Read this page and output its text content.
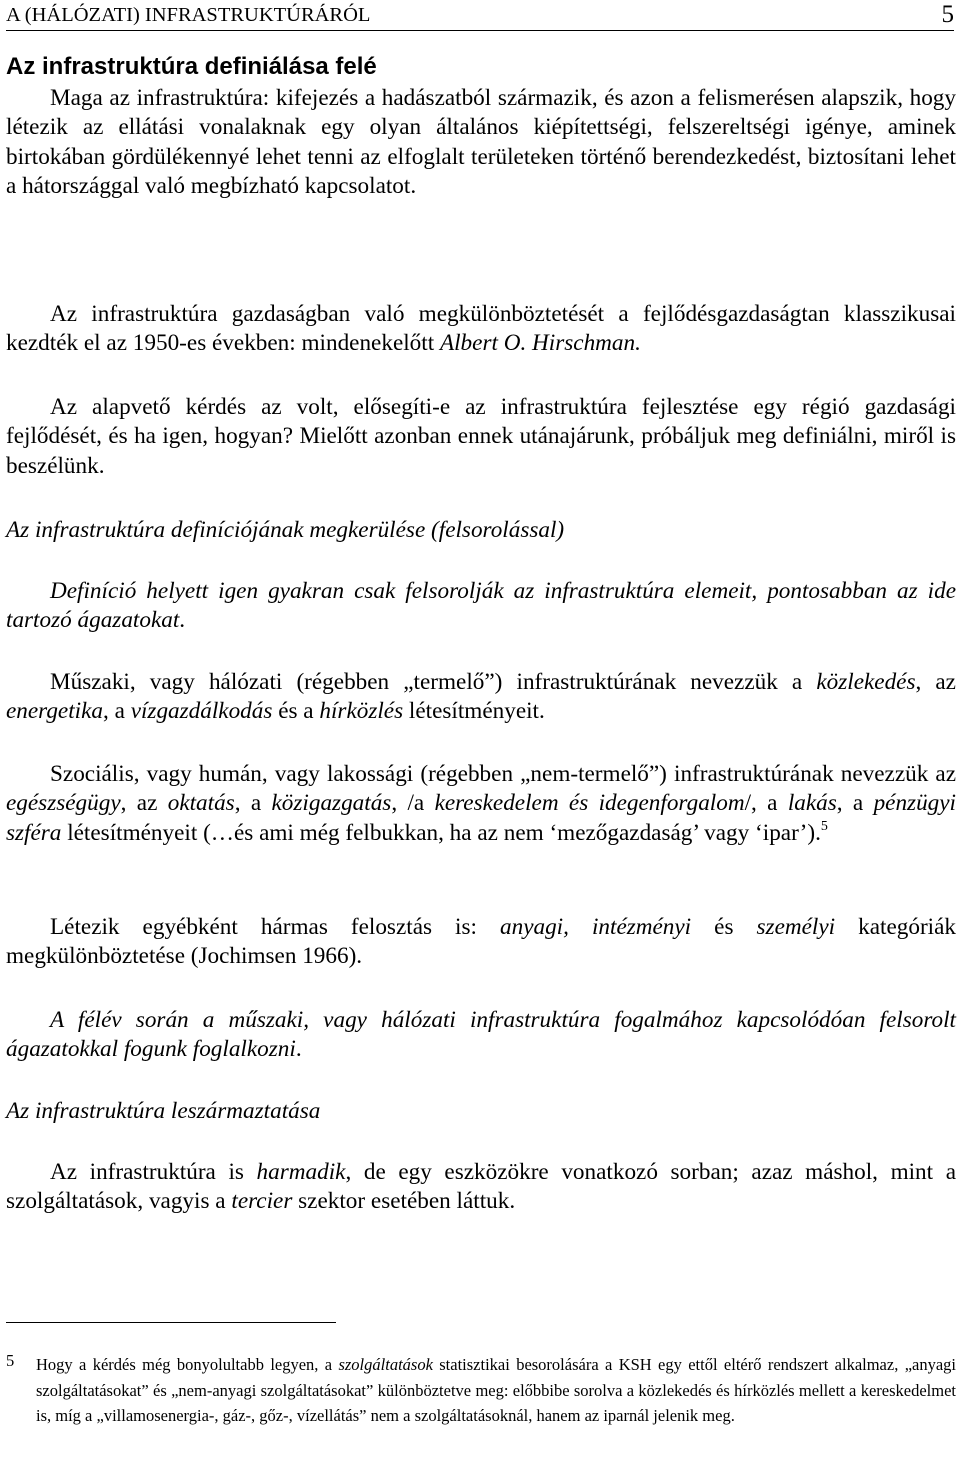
A (HÁLÓZATI) INFRASTRUKTÚRÁRÓL	5
Az infrastruktúra definiálása felé

Maga az infrastruktúra: kifejezés a hadászatból származik, és azon a felismerésen alapszik, hogy létezik az ellátási vonalaknak egy olyan általános kiépítettségi, felszereltségi igénye, aminek birtokában gördülékennyé lehet tenni az elfoglalt területeken történő berendezkedést, biztosítani lehet a hátországgal való megbízható kapcsolatot.

Az infrastruktúra gazdaságban való megkülönböztetését a fejlődésgazdaságtan klasszikusai kezdték el az 1950-es években: mindenekelőtt Albert O. Hirschman.

Az alapvető kérdés az volt, elősegíti-e az infrastruktúra fejlesztése egy régió gazdasági fejlődését, és ha igen, hogyan? Mielőtt azonban ennek utánajárunk, próbáljuk meg definiálni, miről is beszélünk.

Az infrastruktúra definíciójának megkerülése (felsorolással)

Definíció helyett igen gyakran csak felsorolják az infrastruktúra elemeit, pontosabban az ide tartozó ágazatokat.

Műszaki, vagy hálózati (régebben „termelő”) infrastruktúrának nevezzük a közlekedés, az energetika, a vízgazdálkodás és a hírközlés létesítményeit.

Szociális, vagy humán, vagy lakossági (régebben „nem-termelő”) infrastruktúrának nevezzük az egészségügy, az oktatás, a közigazgatás, /a kereskedelem és idegenforgalom/, a lakás, a pénzügyi szféra létesítményeit (…és ami még felbukkan, ha az nem ‘mezőgazdaság’ vagy ‘ipar’).$^5$

Létezik egyébként hármas felosztás is: anyagi, intézményi és személyi kategóriák megkülönböztetése (Jochimsen 1966).

A félév során a műszaki, vagy hálózati infrastruktúra fogalmához kapcsolódóan felsorolt ágazatokkal fogunk foglalkozni.

Az infrastruktúra leszármaztatása

Az infrastruktúra is harmadik, de egy eszközökre vonatkozó sorban; azaz máshol, mint a szolgáltatások, vagyis a tercier szektor esetében láttuk.

5 Hogy a kérdés még bonyolultabb legyen, a szolgáltatások statisztikai besorolására a KSH egy ettől eltérő rendszert alkalmaz, „anyagi szolgáltatásokat” és „nem-anyagi szolgáltatásokat” különböztetve meg: előbbibe sorolva a közlekedés és hírközlés mellett a kereskedelmet is, míg a „villamosenergia-, gáz-, gőz-, vízellátás” nem a szolgáltatásoknál, hanem az iparnál jelenik meg.
